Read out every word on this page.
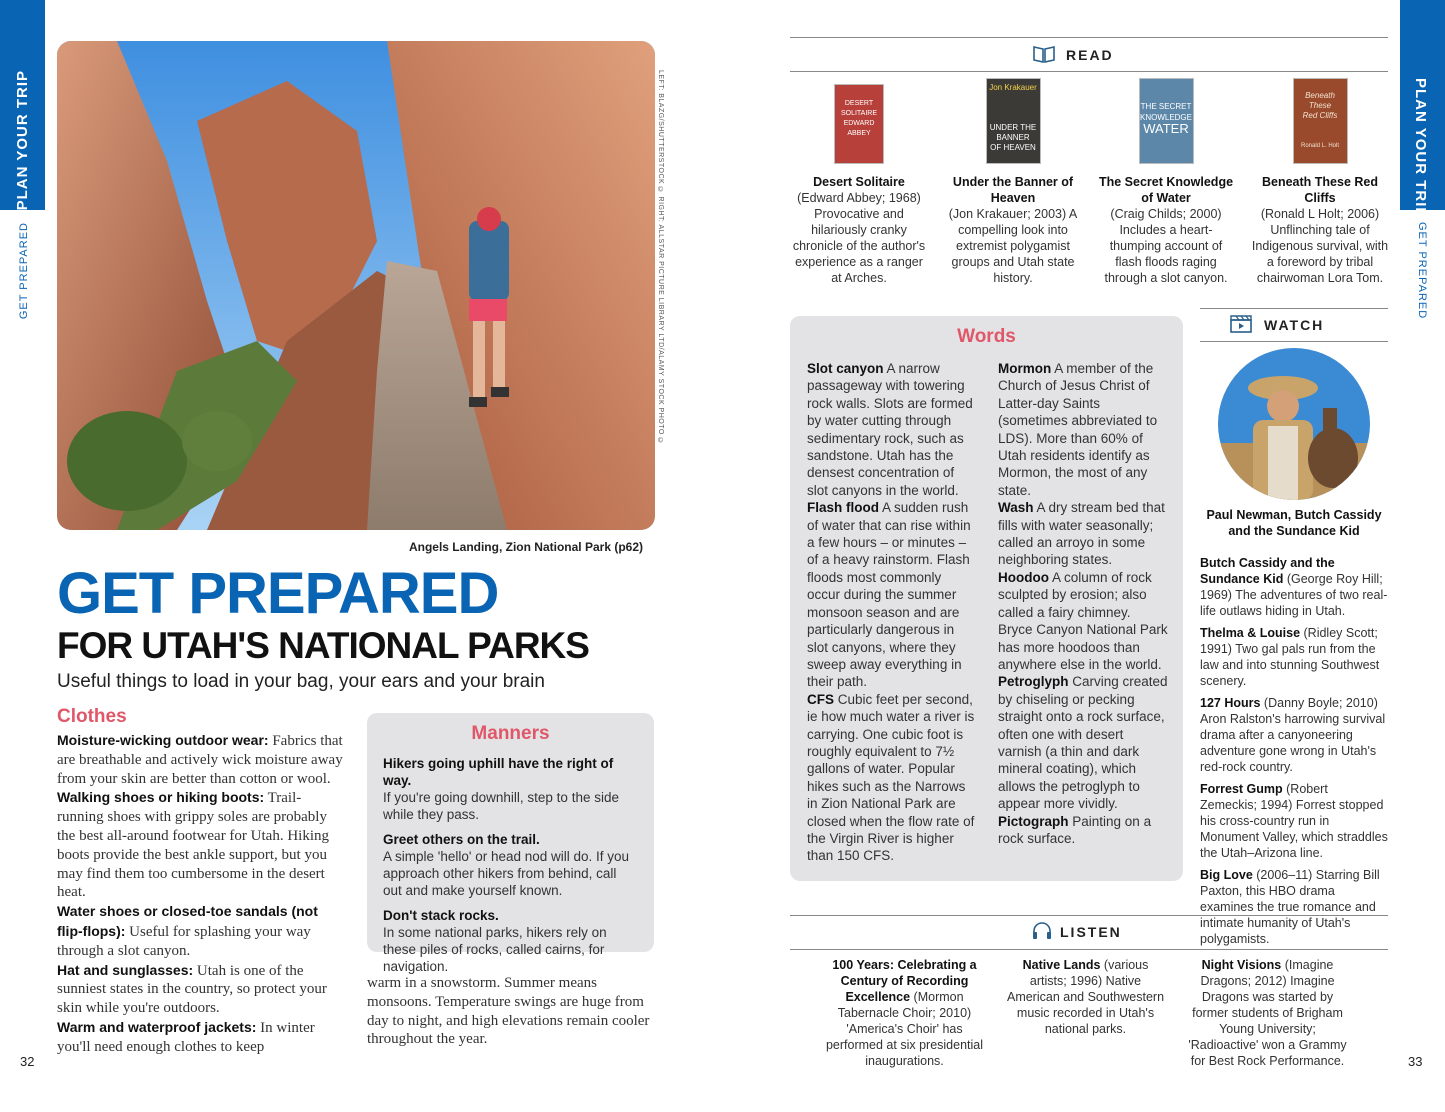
PLAN YOUR TRIP
GET PREPARED
PLAN YOUR TRIP
GET PREPARED
LEFT: BLAZG/SHUTTERSTOCK © RIGHT: ALLSTAR PICTURE LIBRARY LTD/ALAMY STOCK PHOTO ©
Angels Landing, Zion National Park (p62)
GET PREPARED
FOR UTAH'S NATIONAL PARKS
Useful things to load in your bag, your ears and your brain
Clothes
Moisture-wicking outdoor wear: Fabrics that are breathable and actively wick moisture away from your skin are better than cotton or wool.
Walking shoes or hiking boots: Trail-running shoes with grippy soles are probably the best all-around footwear for Utah. Hiking boots provide the best ankle support, but you may find them too cumbersome in the desert heat.
Water shoes or closed-toe sandals (not flip-flops): Useful for splashing your way through a slot canyon.
Hat and sunglasses: Utah is one of the sunniest states in the country, so protect your skin while you're outdoors.
Warm and waterproof jackets: In winter you'll need enough clothes to keep
warm in a snowstorm. Summer means monsoons. Temperature swings are huge from day to night, and high elevations remain cooler throughout the year.
Manners
Hikers going uphill have the right of way.
If you're going downhill, step to the side while they pass.
Greet others on the trail.
A simple 'hello' or head nod will do. If you approach other hikers from behind, call out and make yourself known.
Don't stack rocks.
In some national parks, hikers rely on these piles of rocks, called cairns, for navigation.
32	33
READ
DESERT
SOLITAIRE
EDWARD
ABBEY
Desert Solitaire
(Edward Abbey; 1968) Provocative and hilariously cranky chronicle of the author's experience as a ranger at Arches.
Jon Krakauer
UNDER THE
BANNER
OF HEAVEN
Under the Banner of Heaven
(Jon Krakauer; 2003) A compelling look into extremist polygamist groups and Utah state history.
THE SECRET
KNOWLEDGE
WATER
The Secret Knowledge of Water
(Craig Childs; 2000) Includes a heart-thumping account of flash floods raging through a slot canyon.
Beneath
These
Red Cliffs
Ronald L. Holt
Beneath These Red Cliffs
(Ronald L Holt; 2006) Unflinching tale of Indigenous survival, with a foreword by tribal chairwoman Lora Tom.
Words
Slot canyon A narrow passageway with towering rock walls. Slots are formed by water cutting through sedimentary rock, such as sandstone. Utah has the densest concentration of slot canyons in the world.
Flash flood A sudden rush of water that can rise within a few hours – or minutes – of a heavy rainstorm. Flash floods most commonly occur during the summer monsoon season and are particularly dangerous in slot canyons, where they sweep away everything in their path.
CFS Cubic feet per second, ie how much water a river is carrying. One cubic foot is roughly equivalent to 7½ gallons of water. Popular hikes such as the Narrows in Zion National Park are closed when the flow rate of the Virgin River is higher than 150 CFS.
Mormon A member of the Church of Jesus Christ of Latter-day Saints (sometimes abbreviated to LDS). More than 60% of Utah residents identify as Mormon, the most of any state.
Wash A dry stream bed that fills with water seasonally; called an arroyo in some neighboring states.
Hoodoo A column of rock sculpted by erosion; also called a fairy chimney. Bryce Canyon National Park has more hoodoos than anywhere else in the world.
Petroglyph Carving created by chiseling or pecking straight onto a rock surface, often one with desert varnish (a thin and dark mineral coating), which allows the petroglyph to appear more vividly.
Pictograph Painting on a rock surface.
WATCH
Paul Newman, Butch Cassidy and the Sundance Kid

Butch Cassidy and the Sundance Kid (George Roy Hill; 1969) The adventures of two real-life outlaws hiding in Utah.

Thelma & Louise (Ridley Scott; 1991) Two gal pals run from the law and into stunning Southwest scenery.

127 Hours (Danny Boyle; 2010) Aron Ralston's harrowing survival drama after a canyoneering adventure gone wrong in Utah's red-rock country.

Forrest Gump (Robert Zemeckis; 1994) Forrest stopped his cross-country run in Monument Valley, which straddles the Utah–Arizona line.

Big Love (2006–11) Starring Bill Paxton, this HBO drama examines the true romance and intimate humanity of Utah's polygamists.

LISTEN
100 Years: Celebrating a Century of Recording Excellence (Mormon Tabernacle Choir; 2010) 'America's Choir' has performed at six presidential inaugurations.
Native Lands (various artists; 1996) Native American and Southwestern music recorded in Utah's national parks.
Night Visions (Imagine Dragons; 2012) Imagine Dragons was started by former students of Brigham Young University; 'Radioactive' won a Grammy for Best Rock Performance.
